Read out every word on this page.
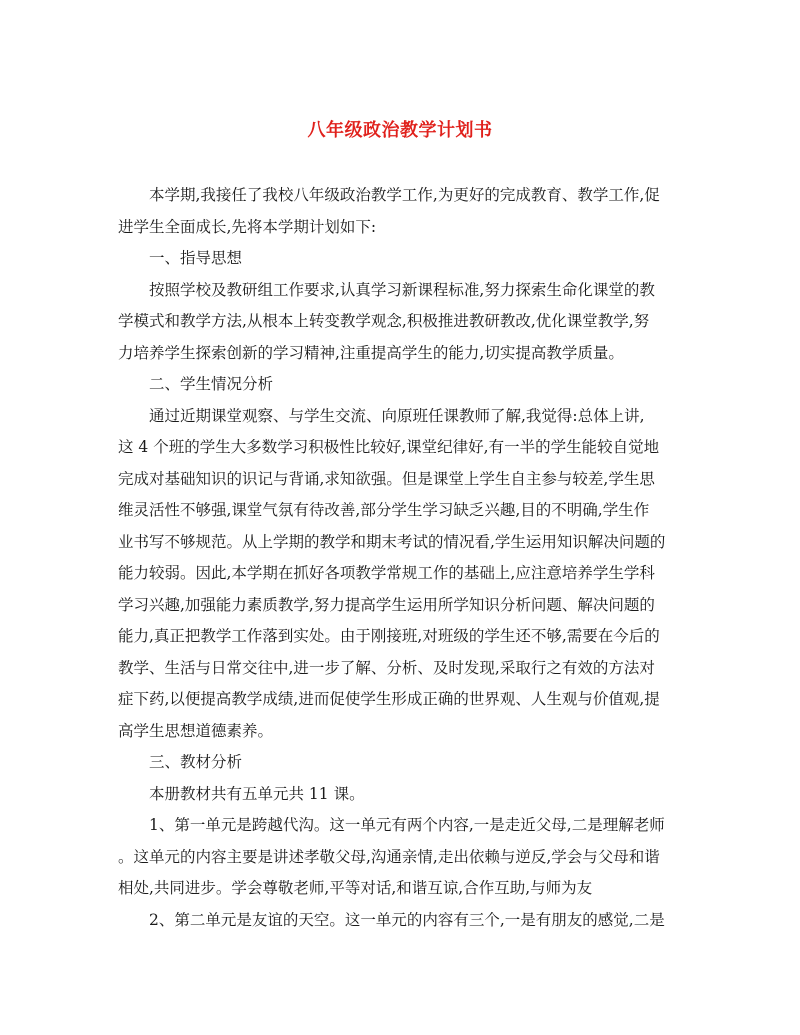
八年级政治教学计划书
本学期,我接任了我校八年级政治教学工作,为更好的完成教育、教学工作,促
进学生全面成长,先将本学期计划如下:
一、指导思想
按照学校及教研组工作要求,认真学习新课程标准,努力探索生命化课堂的教
学模式和教学方法,从根本上转变教学观念,积极推进教研教改,优化课堂教学,努
力培养学生探索创新的学习精神,注重提高学生的能力,切实提高教学质量。
二、学生情况分析
通过近期课堂观察、与学生交流、向原班任课教师了解,我觉得:总体上讲,
这 4 个班的学生大多数学习积极性比较好,课堂纪律好,有一半的学生能较自觉地
完成对基础知识的识记与背诵,求知欲强。但是课堂上学生自主参与较差,学生思
维灵活性不够强,课堂气氛有待改善,部分学生学习缺乏兴趣,目的不明确,学生作
业书写不够规范。从上学期的教学和期末考试的情况看,学生运用知识解决问题的
能力较弱。因此,本学期在抓好各项教学常规工作的基础上,应注意培养学生学科
学习兴趣,加强能力素质教学,努力提高学生运用所学知识分析问题、解决问题的
能力,真正把教学工作落到实处。由于刚接班,对班级的学生还不够,需要在今后的
教学、生活与日常交往中,进一步了解、分析、及时发现,采取行之有效的方法对
症下药,以便提高教学成绩,进而促使学生形成正确的世界观、人生观与价值观,提
高学生思想道德素养。
三、教材分析
本册教材共有五单元共 11 课。
1、第一单元是跨越代沟。这一单元有两个内容,一是走近父母,二是理解老师
。这单元的内容主要是讲述孝敬父母,沟通亲情,走出依赖与逆反,学会与父母和谐
相处,共同进步。学会尊敬老师,平等对话,和谐互谅,合作互助,与师为友
2、第二单元是友谊的天空。这一单元的内容有三个,一是有朋友的感觉,二是
